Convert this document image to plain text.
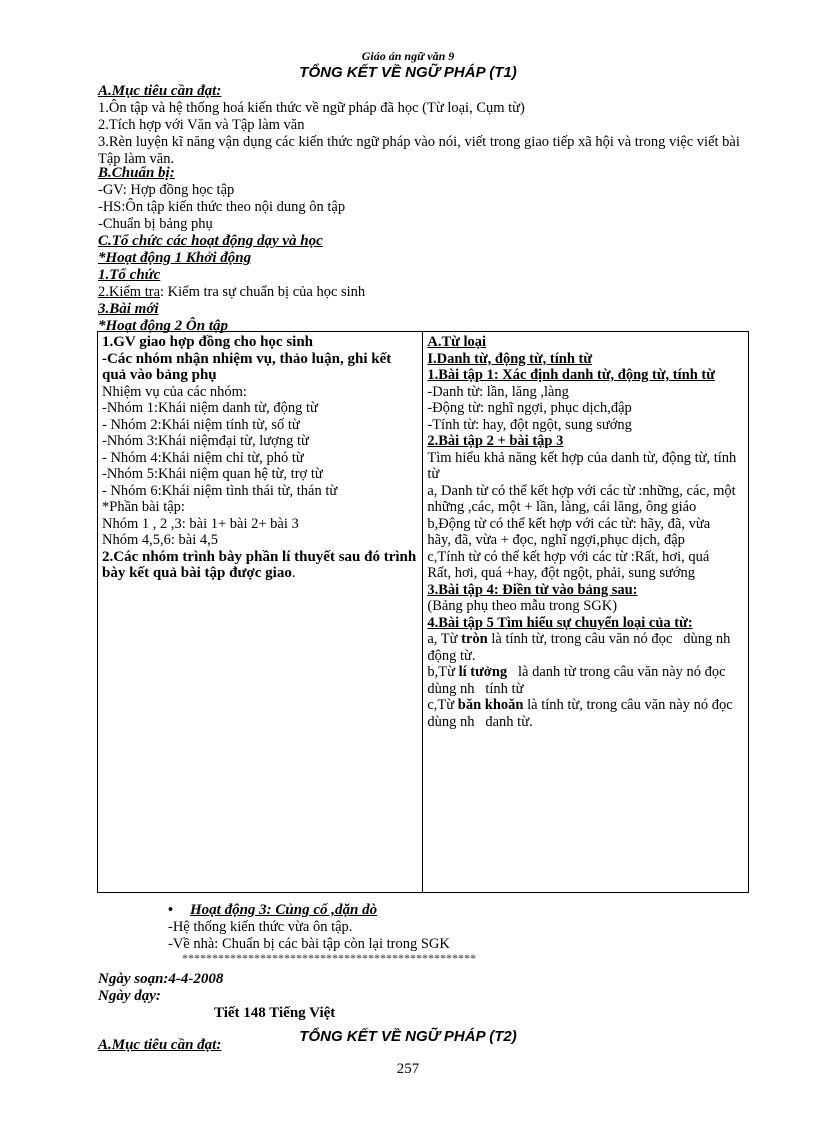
Giáo án ngữ văn 9
TỔNG KẾT VỀ NGỮ PHÁP (T1)
A.Mục tiêu cần đạt:
1.Ôn tập và hệ thống hoá kiến thức về ngữ pháp đã học (Từ loại, Cụm từ)
2.Tích hợp với Văn và Tập làm văn
3.Rèn luyện kĩ năng vận dụng các kiến thức ngữ pháp vào nói, viết trong giao tiếp xã hội và trong việc viết bài Tập làm văn.
B.Chuẩn bị:
-GV: Hợp đồng học tập
-HS:Ôn tập kiến thức theo nội dung ôn tập
-Chuẩn bị bảng phụ
C.Tổ chức các hoạt động dạy và học
*Hoạt động 1 Khởi động
1.Tổ chức
2.Kiểm tra: Kiểm tra sự chuẩn bị của học sinh
3.Bài mới
*Hoạt động 2 Ôn tập
1.GV giao hợp đồng cho học sinh
-Các nhóm nhận nhiệm vụ, thảo luận, ghi kết quả vào bảng phụ
Nhiệm vụ của các nhóm:
-Nhóm 1:Khái niệm danh từ, động từ
- Nhóm 2:Khái niệm tính từ, số từ
-Nhóm 3:Khái niệmđại từ, lượng từ
- Nhóm 4:Khái niệm chỉ từ, phó từ
-Nhóm 5:Khái niệm quan hệ từ, trợ từ
- Nhóm 6:Khái niệm tình thái từ, thán từ
*Phần bài tập:
Nhóm 1 , 2 ,3: bài 1+ bài 2+ bài 3
Nhóm 4,5,6: bài 4,5
2.Các nhóm trình bày phần lí thuyết sau đó trình bày kết quả bài tập được giao.

A.Từ loại
I.Danh từ, động từ, tính từ
1.Bài tập 1: Xác định danh từ, động từ, tính từ
-Danh từ: lần, lăng ,làng
-Động từ: nghĩ ngợi, phục dịch,đập
-Tính từ: hay, đột ngột, sung sướng
2.Bài tập 2 + bài tập 3
Tìm hiểu khả năng kết hợp của danh từ, động từ, tính từ
a, Danh từ có thể kết hợp với các từ :những, các, một
những ,các, một + lần, làng, cái lăng, ông giáo
b,Động từ có thể kết hợp với các từ: hãy, đã, vừa
hãy, đã, vừa + đọc, nghĩ ngợi,phục dịch, đập
c,Tính từ có thể kết hợp với các từ :Rất, hơi, quá
Rất, hơi, quá +hay, đột ngột, phải, sung sướng
3.Bài tập 4: Điền từ vào bảng sau:
(Bảng phụ theo mẫu trong SGK)
4.Bài tập 5 Tìm hiểu sự chuyển loại của từ:
a, Từ tròn là tính từ, trong câu văn nó đọc   dùng nh   động từ.
b,Từ lí tưởng   là danh từ trong câu văn này nó đọc   dùng nh   tính từ
c,Từ băn khoăn là tính từ, trong câu văn này nó đọc   dùng nh   danh từ.
• Hoạt động 3: Củng cố ,dặn dò
-Hệ thống kiến thức vừa ôn tập.
-Về nhà: Chuẩn bị các bài tập còn lại trong SGK
*************************************************
Ngày soạn:4-4-2008
Ngày dạy:
Tiết 148 Tiếng Việt
TỔNG KẾT VỀ NGỮ PHÁP (T2)
A.Mục tiêu cần đạt:
257
